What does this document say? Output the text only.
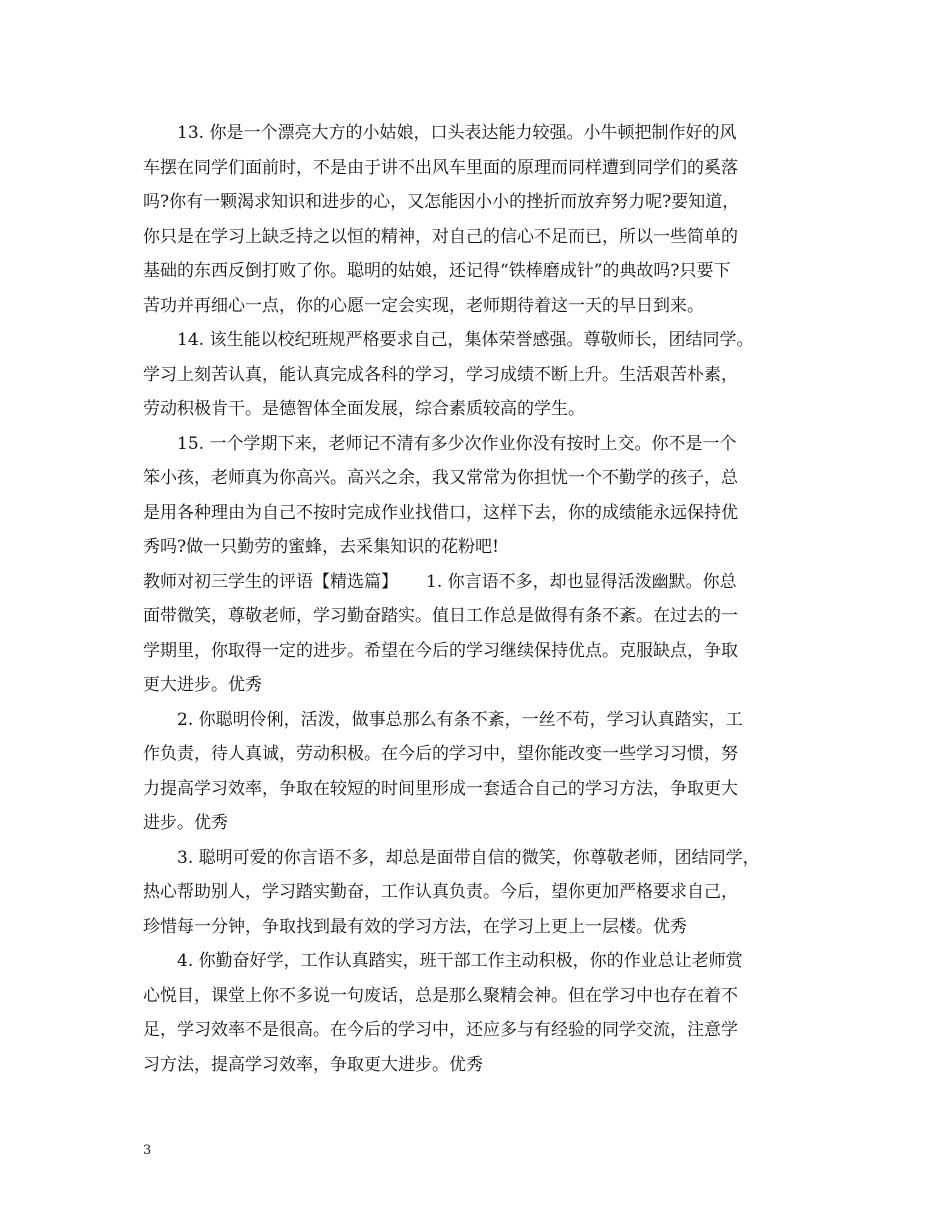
13. 你是一个漂亮大方的小姑娘，口头表达能力较强。小牛顿把制作好的风
车摆在同学们面前时，不是由于讲不出风车里面的原理而同样遭到同学们的奚落
吗?你有一颗渴求知识和进步的心，又怎能因小小的挫折而放弃努力呢?要知道，
你只是在学习上缺乏持之以恒的精神，对自己的信心不足而已，所以一些简单的
基础的东西反倒打败了你。聪明的姑娘，还记得“铁棒磨成针”的典故吗?只要下
苦功并再细心一点，你的心愿一定会实现，老师期待着这一天的早日到来。
14. 该生能以校纪班规严格要求自己，集体荣誉感强。尊敬师长，团结同学。
学习上刻苦认真，能认真完成各科的学习，学习成绩不断上升。生活艰苦朴素，
劳动积极肯干。是德智体全面发展，综合素质较高的学生。
15. 一个学期下来，老师记不清有多少次作业你没有按时上交。你不是一个
笨小孩，老师真为你高兴。高兴之余，我又常常为你担忧一个不勤学的孩子，总
是用各种理由为自己不按时完成作业找借口，这样下去，你的成绩能永远保持优
秀吗?做一只勤劳的蜜蜂，去采集知识的花粉吧!
教师对初三学生的评语【精选篇】 1. 你言语不多，却也显得活泼幽默。你总
面带微笑，尊敬老师，学习勤奋踏实。值日工作总是做得有条不紊。在过去的一
学期里，你取得一定的进步。希望在今后的学习继续保持优点。克服缺点，争取
更大进步。优秀
2. 你聪明伶俐，活泼，做事总那么有条不紊，一丝不苟，学习认真踏实，工
作负责，待人真诚，劳动积极。在今后的学习中，望你能改变一些学习习惯，努
力提高学习效率，争取在较短的时间里形成一套适合自己的学习方法，争取更大
进步。优秀
3. 聪明可爱的你言语不多，却总是面带自信的微笑，你尊敬老师，团结同学，
热心帮助别人，学习踏实勤奋，工作认真负责。今后，望你更加严格要求自己，
珍惜每一分钟，争取找到最有效的学习方法，在学习上更上一层楼。优秀
4. 你勤奋好学，工作认真踏实，班干部工作主动积极，你的作业总让老师赏
心悦目，课堂上你不多说一句废话，总是那么聚精会神。但在学习中也存在着不
足，学习效率不是很高。在今后的学习中，还应多与有经验的同学交流，注意学
习方法，提高学习效率，争取更大进步。优秀
3
